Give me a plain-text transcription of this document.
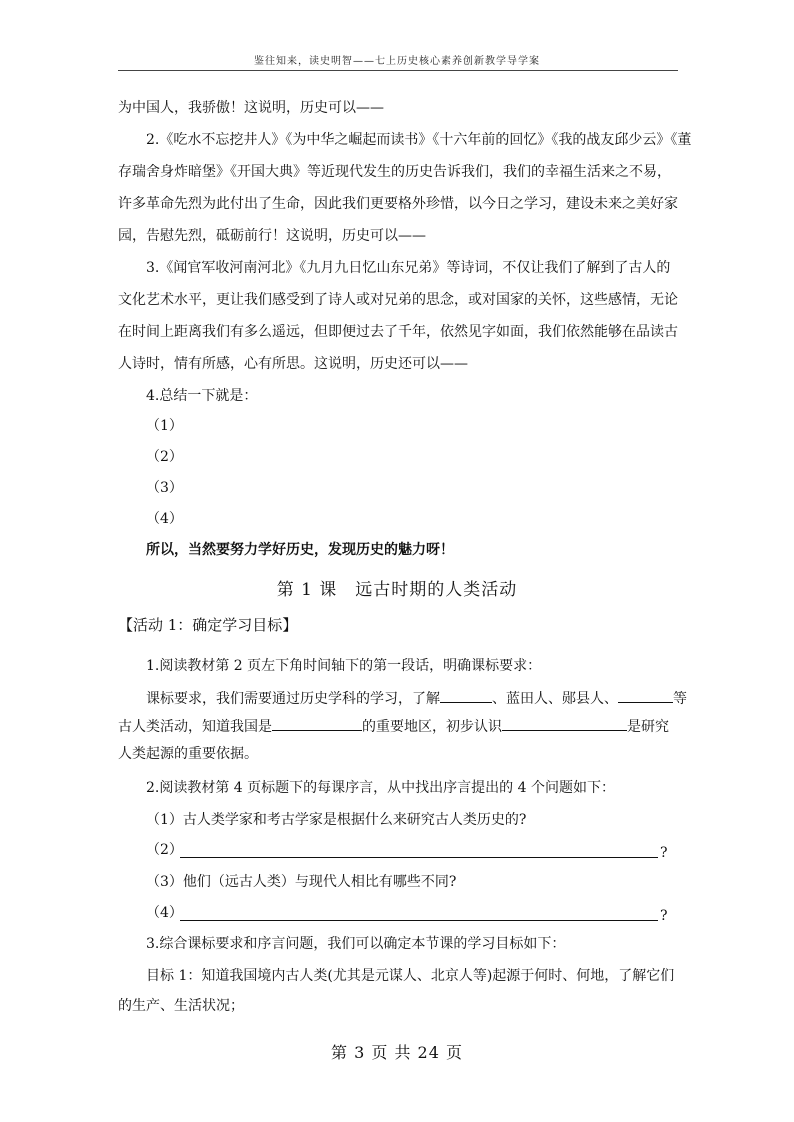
鉴往知来，读史明智——七上历史核心素养创新教学导学案
为中国人，我骄傲！这说明，历史可以——
2.《吃水不忘挖井人》《为中华之崛起而读书》《十六年前的回忆》《我的战友邱少云》《董
存瑞舍身炸暗堡》《开国大典》等近现代发生的历史告诉我们，我们的幸福生活来之不易，
许多革命先烈为此付出了生命，因此我们更要格外珍惜，以今日之学习，建设未来之美好家
园，告慰先烈，砥砺前行！这说明，历史可以——
3.《闻官军收河南河北》《九月九日忆山东兄弟》等诗词，不仅让我们了解到了古人的
文化艺术水平，更让我们感受到了诗人或对兄弟的思念，或对国家的关怀，这些感情，无论
在时间上距离我们有多么遥远，但即便过去了千年，依然见字如面，我们依然能够在品读古
人诗时，情有所感，心有所思。这说明，历史还可以——
4.总结一下就是：
（1）
（2）
（3）
（4）
所以，当然要努力学好历史，发现历史的魅力呀！
第 1 课　远古时期的人类活动
【活动 1：确定学习目标】
1.阅读教材第 2 页左下角时间轴下的第一段话，明确课标要求：
课标要求，我们需要通过历史学科的学习，了解	、蓝田人、郧县人、	等
古人类活动，知道我国是	的重要地区，初步认识	是研究
人类起源的重要依据。
2.阅读教材第 4 页标题下的每课序言，从中找出序言提出的 4 个问题如下：
（1）古人类学家和考古学家是根据什么来研究古人类历史的?
（2）	?
（3）他们（远古人类）与现代人相比有哪些不同?
（4）	?
3.综合课标要求和序言问题，我们可以确定本节课的学习目标如下：
目标 1：知道我国境内古人类(尤其是元谋人、北京人等)起源于何时、何地，了解它们
的生产、生活状况；
第 3 页 共 24 页
